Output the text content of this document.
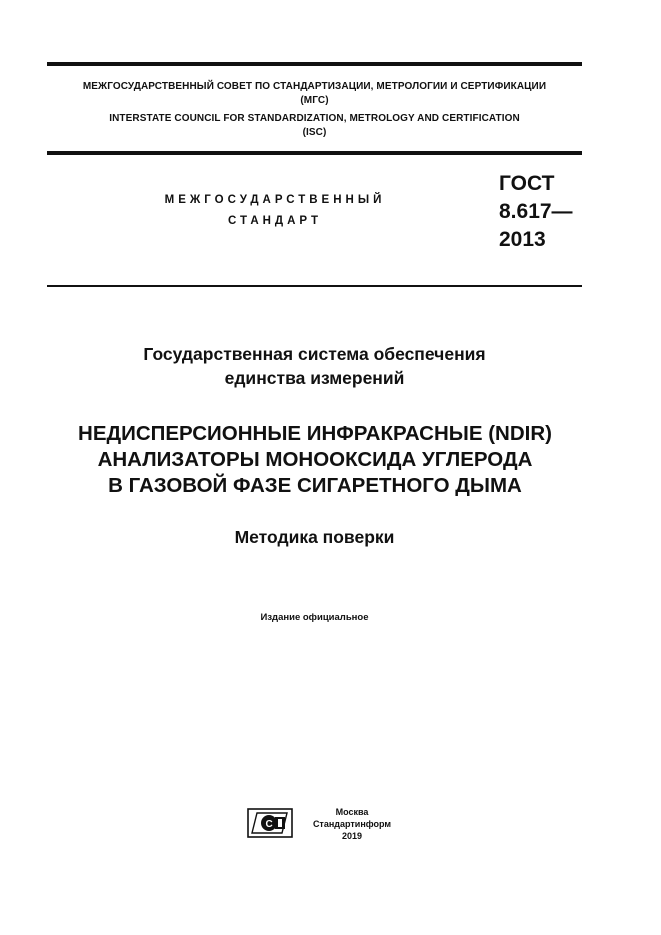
МЕЖГОСУДАРСТВЕННЫЙ СОВЕТ ПО СТАНДАРТИЗАЦИИ, МЕТРОЛОГИИ И СЕРТИФИКАЦИИ
(МГС)
INTERSTATE COUNCIL FOR STANDARDIZATION, METROLOGY AND CERTIFICATION
(ISC)
МЕЖГОСУДАРСТВЕННЫЙ
СТАНДАРТ
ГОСТ
8.617—
2013
Государственная система обеспечения
единства измерений
НЕДИСПЕРСИОННЫЕ ИНФРАКРАСНЫЕ (NDIR)
АНАЛИЗАТОРЫ МОНООКСИДА УГЛЕРОДА
В ГАЗОВОЙ ФАЗЕ СИГАРЕТНОГО ДЫМА
Методика поверки
Издание официальное
С
Москва
Стандартинформ
2019
